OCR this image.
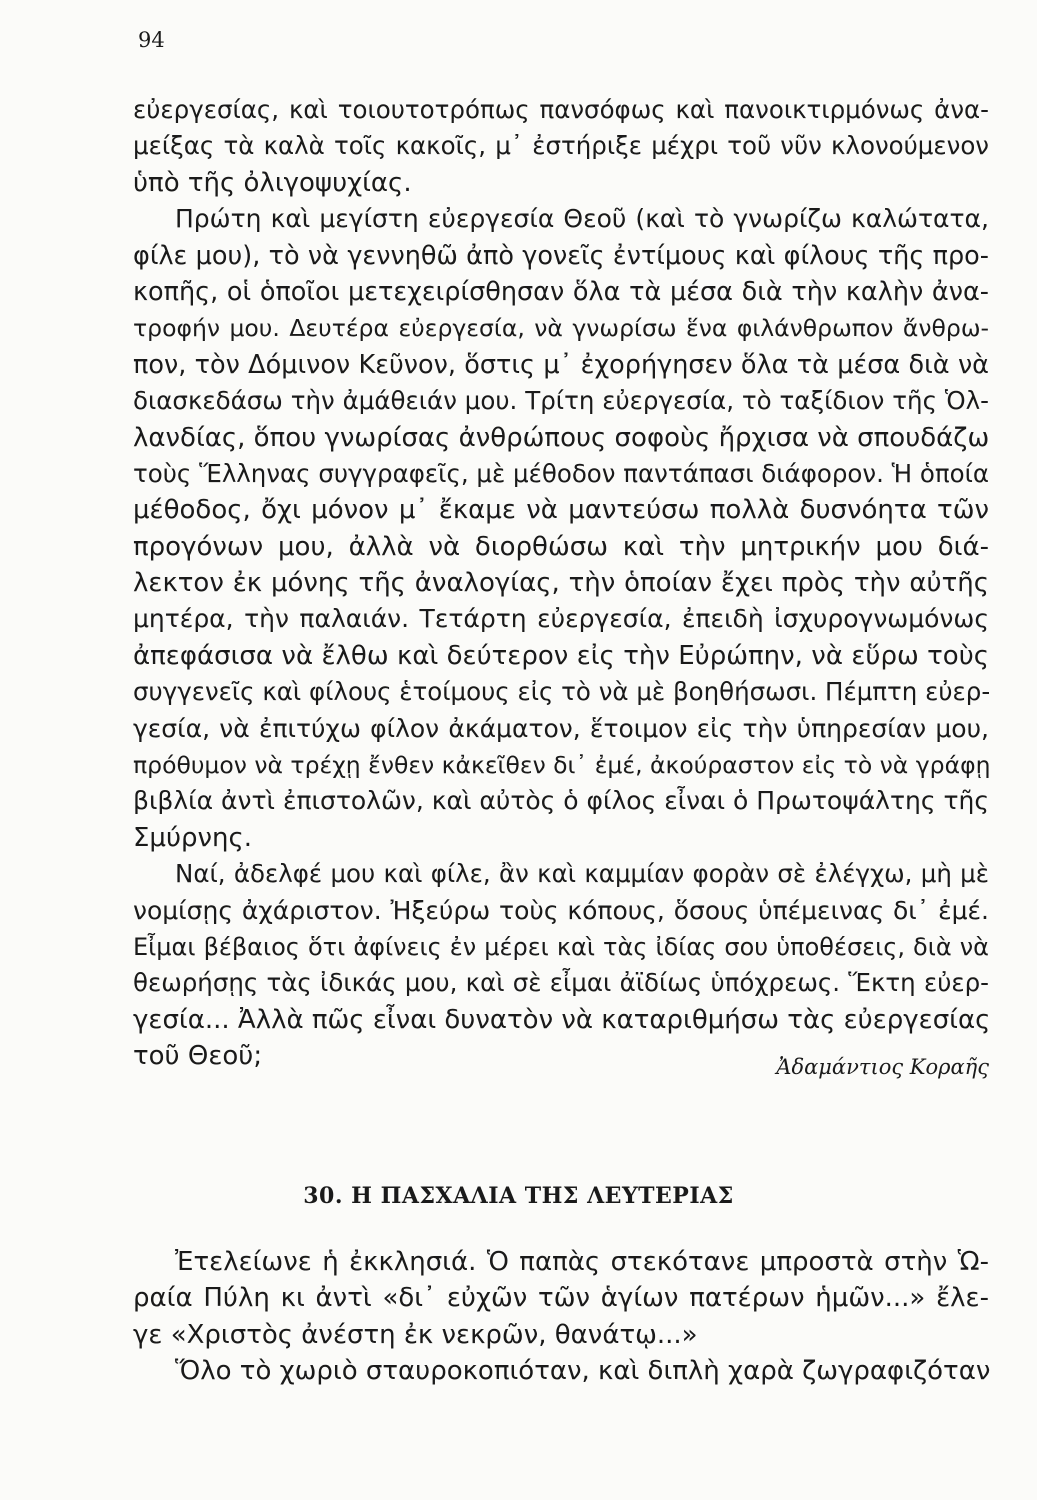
94
εὐεργεσίας, καὶ τοιουτοτρόπως πανσόφως καὶ πανοικτιρμόνως ἀνα-
μείξας τὰ καλὰ τοῖς κακοῖς, μ᾽ ἐστήριξε μέχρι τοῦ νῦν κλονούμενον
ὑπὸ τῆς ὀλιγοψυχίας.
Πρώτη καὶ μεγίστη εὐεργεσία Θεοῦ (καὶ τὸ γνωρίζω καλώτατα,
φίλε μου), τὸ νὰ γεννηθῶ ἀπὸ γονεῖς ἐντίμους καὶ φίλους τῆς προ-
κοπῆς, οἱ ὁποῖοι μετεχειρίσθησαν ὅλα τὰ μέσα διὰ τὴν καλὴν ἀνα-
τροφήν μου. Δευτέρα εὐεργεσία, νὰ γνωρίσω ἕνα φιλάνθρωπον ἄνθρω-
πον, τὸν Δόμινον Κεῦνον, ὅστις μ᾽ ἐχορήγησεν ὅλα τὰ μέσα διὰ νὰ
διασκεδάσω τὴν ἀμάθειάν μου. Τρίτη εὐεργεσία, τὸ ταξίδιον τῆς Ὁλ-
λανδίας, ὅπου γνωρίσας ἀνθρώπους σοφοὺς ἤρχισα νὰ σπουδάζω
τοὺς Ἕλληνας συγγραφεῖς, μὲ μέθοδον παντάπασι διάφορον. Ἡ ὁποία
μέθοδος, ὄχι μόνον μ᾽ ἔκαμε νὰ μαντεύσω πολλὰ δυσνόητα τῶν
προγόνων μου, ἀλλὰ νὰ διορθώσω καὶ τὴν μητρικήν μου διά-
λεκτον ἐκ μόνης τῆς ἀναλογίας, τὴν ὁποίαν ἔχει πρὸς τὴν αὐτῆς
μητέρα, τὴν παλαιάν. Τετάρτη εὐεργεσία, ἐπειδὴ ἰσχυρογνωμόνως
ἀπεφάσισα νὰ ἔλθω καὶ δεύτερον εἰς τὴν Εὐρώπην, νὰ εὕρω τοὺς
συγγενεῖς καὶ φίλους ἑτοίμους εἰς τὸ νὰ μὲ βοηθήσωσι. Πέμπτη εὐερ-
γεσία, νὰ ἐπιτύχω φίλον ἀκάματον, ἕτοιμον εἰς τὴν ὑπηρεσίαν μου,
πρόθυμον νὰ τρέχῃ ἔνθεν κἀκεῖθεν δι᾽ ἐμέ, ἀκούραστον εἰς τὸ νὰ γράφῃ
βιβλία ἀντὶ ἐπιστολῶν, καὶ αὐτὸς ὁ φίλος εἶναι ὁ Πρωτοψάλτης τῆς
Σμύρνης.
Ναί, ἀδελφέ μου καὶ φίλε, ἂν καὶ καμμίαν φορὰν σὲ ἐλέγχω, μὴ μὲ
νομίσῃς ἀχάριστον. Ἠξεύρω τοὺς κόπους, ὅσους ὑπέμεινας δι᾽ ἐμέ.
Εἶμαι βέβαιος ὅτι ἀφίνεις ἐν μέρει καὶ τὰς ἰδίας σου ὑποθέσεις, διὰ νὰ
θεωρήσῃς τὰς ἰδικάς μου, καὶ σὲ εἶμαι ἀϊδίως ὑπόχρεως. Ἕκτη εὐερ-
γεσία... Ἀλλὰ πῶς εἶναι δυνατὸν νὰ καταριθμήσω τὰς εὐεργεσίας
τοῦ Θεοῦ;	Ἀδαμάντιος Κοραῆς
30. Η ΠΑΣΧΑΛΙΑ ΤΗΣ ΛΕΥΤΕΡΙΑΣ
Ἐτελείωνε ἡ ἐκκλησιά. Ὁ παπὰς στεκότανε μπροστὰ στὴν Ὡ-
ραία Πύλη κι ἀντὶ «δι᾽ εὐχῶν τῶν ἁγίων πατέρων ἡμῶν...» ἔλε-
γε «Χριστὸς ἀνέστη ἐκ νεκρῶν, θανάτῳ...»
Ὅλο τὸ χωριὸ σταυροκοπιόταν, καὶ διπλὴ χαρὰ ζωγραφιζόταν
